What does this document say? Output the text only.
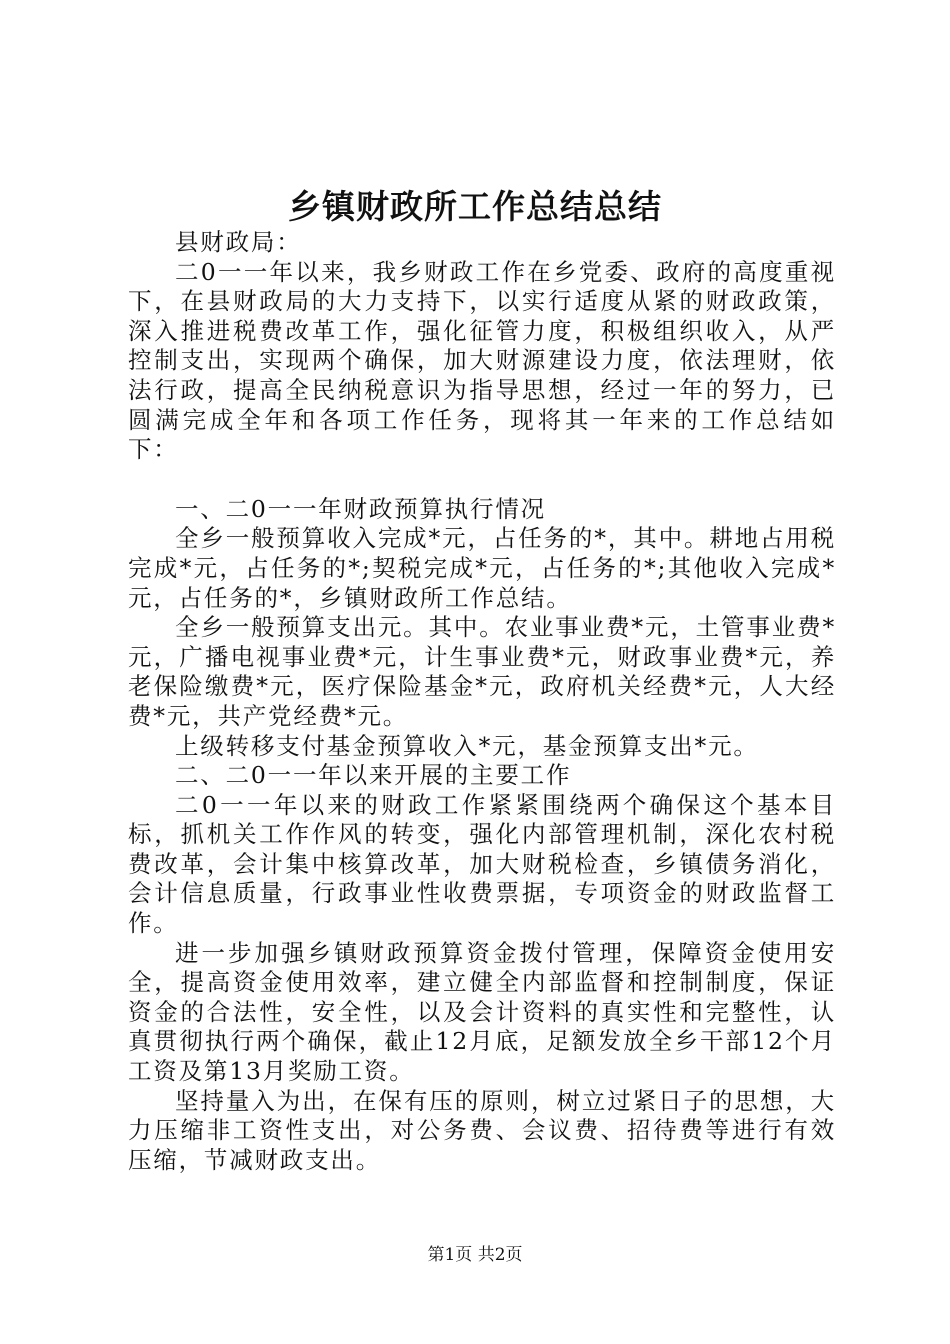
乡镇财政所工作总结总结

县财政局：

二0一一年以来，我乡财政工作在乡党委、政府的高度重视下，在县财政局的大力支持下，以实行适度从紧的财政政策，深入推进税费改革工作，强化征管力度，积极组织收入，从严控制支出，实现两个确保，加大财源建设力度，依法理财，依法行政，提高全民纳税意识为指导思想，经过一年的努力，已圆满完成全年和各项工作任务，现将其一年来的工作总结如下：

一、二0一一年财政预算执行情况

全乡一般预算收入完成*元，占任务的*，其中。耕地占用税完成*元，占任务的*;契税完成*元，占任务的*;其他收入完成*元，占任务的*，乡镇财政所工作总结。

全乡一般预算支出元。其中。农业事业费*元，土管事业费*元，广播电视事业费*元，计生事业费*元，财政事业费*元，养老保险缴费*元，医疗保险基金*元，政府机关经费*元，人大经费*元，共产党经费*元。

上级转移支付基金预算收入*元，基金预算支出*元。

二、二0一一年以来开展的主要工作

二0一一年以来的财政工作紧紧围绕两个确保这个基本目标，抓机关工作作风的转变，强化内部管理机制，深化农村税费改革，会计集中核算改革，加大财税检查，乡镇债务消化，会计信息质量，行政事业性收费票据，专项资金的财政监督工作。

进一步加强乡镇财政预算资金拨付管理，保障资金使用安全，提高资金使用效率，建立健全内部监督和控制制度，保证资金的合法性，安全性，以及会计资料的真实性和完整性，认真贯彻执行两个确保，截止12月底，足额发放全乡干部12个月工资及第13月奖励工资。

坚持量入为出，在保有压的原则，树立过紧日子的思想，大力压缩非工资性支出，对公务费、会议费、招待费等进行有效压缩，节减财政支出。

第1页 共2页
